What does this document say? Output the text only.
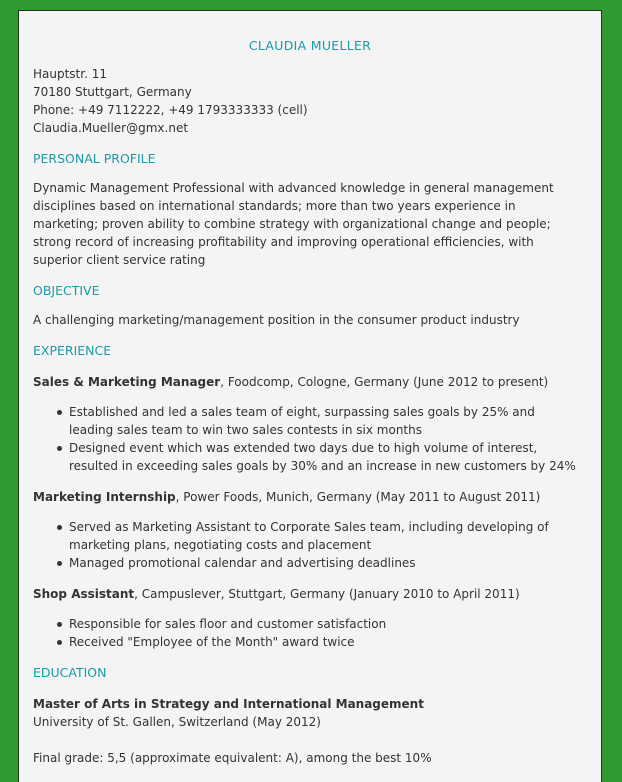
CLAUDIA MUELLER
Hauptstr. 11
70180 Stuttgart, Germany
Phone: +49 7112222, +49 1793333333 (cell)
Claudia.Mueller@gmx.net
PERSONAL PROFILE

Dynamic Management Professional with advanced knowledge in general management disciplines based on international standards; more than two years experience in marketing; proven ability to combine strategy with organizational change and people; strong record of increasing profitability and improving operational efficiencies, with superior client service rating

OBJECTIVE

A challenging marketing/management position in the consumer product industry

EXPERIENCE
Sales & Marketing Manager, Foodcomp, Cologne, Germany (June 2012 to present)
Established and led a sales team of eight, surpassing sales goals by 25% and leading sales team to win two sales contests in six months
Designed event which was extended two days due to high volume of interest, resulted in exceeding sales goals by 30% and an increase in new customers by 24%
Marketing Internship, Power Foods, Munich, Germany (May 2011 to August 2011)
Served as Marketing Assistant to Corporate Sales team, including developing of marketing plans, negotiating costs and placement
Managed promotional calendar and advertising deadlines
Shop Assistant, Campuslever, Stuttgart, Germany (January 2010 to April 2011)
Responsible for sales floor and customer satisfaction
Received "Employee of the Month" award twice
EDUCATION
Master of Arts in Strategy and International Management
University of St. Gallen, Switzerland (May 2012)
Final grade: 5,5 (approximate equivalent: A), among the best 10%
